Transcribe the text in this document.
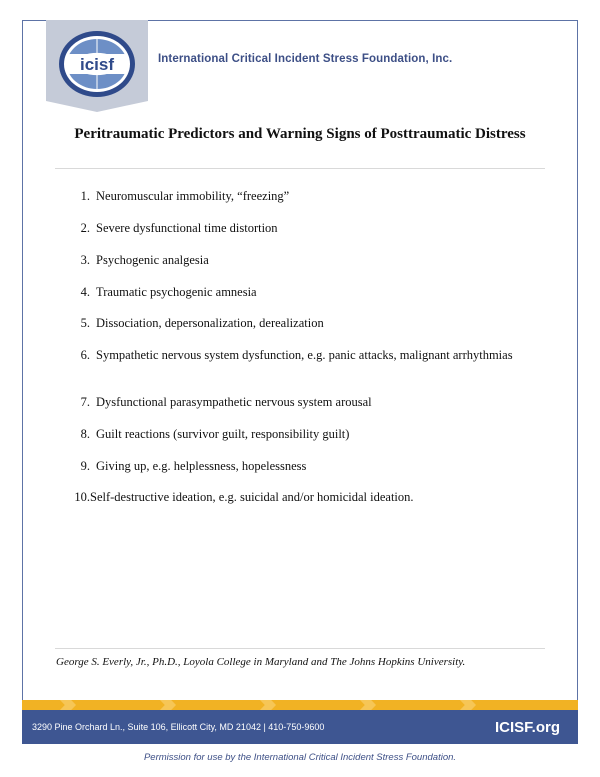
icisf	International Critical Incident Stress Foundation, Inc.
Peritraumatic Predictors and Warning Signs of Posttraumatic Distress
1. Neuromuscular immobility, “freezing”
2. Severe dysfunctional time distortion
3. Psychogenic analgesia
4. Traumatic psychogenic amnesia
5. Dissociation, depersonalization, derealization
6. Sympathetic nervous system dysfunction, e.g. panic attacks, malignant arrhythmias
7. Dysfunctional parasympathetic nervous system arousal
8. Guilt reactions (survivor guilt, responsibility guilt)
9. Giving up, e.g. helplessness, hopelessness
10. Self-destructive ideation, e.g. suicidal and/or homicidal ideation.
George S. Everly, Jr., Ph.D., Loyola College in Maryland and The Johns Hopkins University.
3290 Pine Orchard Ln., Suite 106, Ellicott City, MD 21042 | 410-750-9600	ICISF.org
Permission for use by the International Critical Incident Stress Foundation.
